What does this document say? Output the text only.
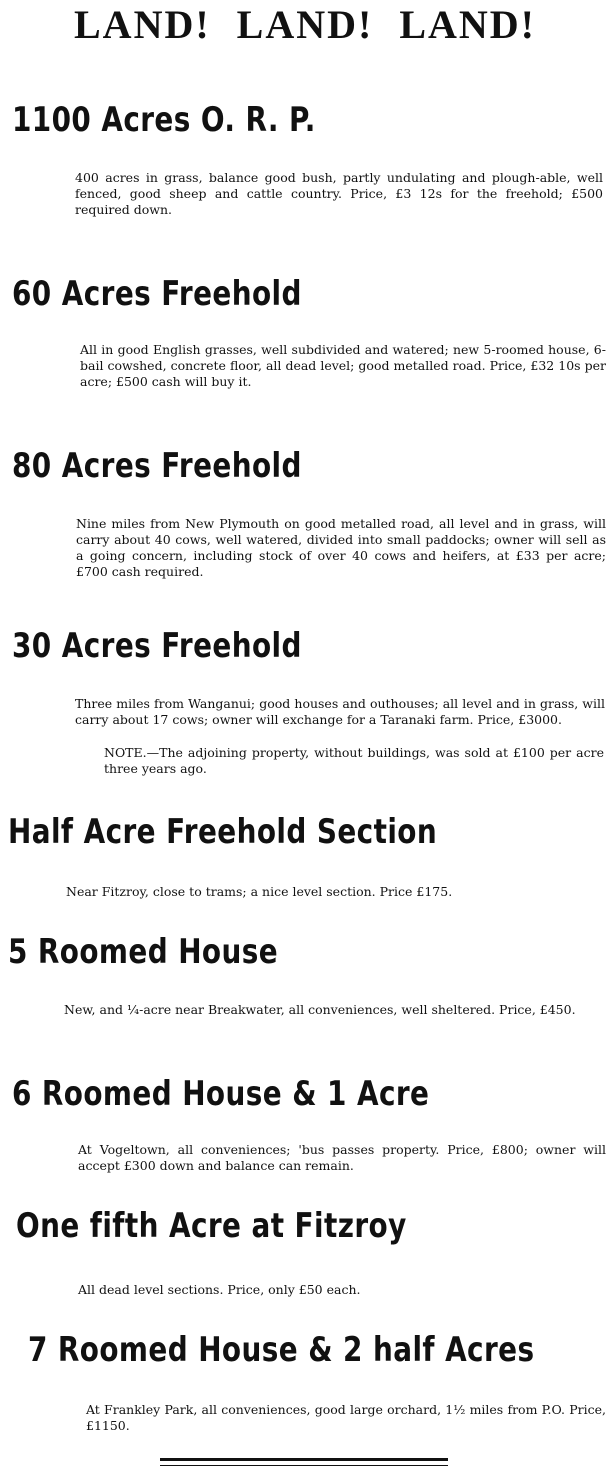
LAND! LAND! LAND!
1100 Acres O. R. P.
400 acres in grass, balance good bush, partly undulating and plough-able, well fenced, good sheep and cattle country. Price, £3 12s for the freehold; £500 required down.
60 Acres Freehold
All in good English grasses, well subdivided and watered; new 5-roomed house, 6-bail cowshed, concrete floor, all dead level; good metalled road. Price, £32 10s per acre; £500 cash will buy it.
80 Acres Freehold
Nine miles from New Plymouth on good metalled road, all level and in grass, will carry about 40 cows, well watered, divided into small paddocks; owner will sell as a going concern, including stock of over 40 cows and heifers, at £33 per acre; £700 cash required.
30 Acres Freehold
Three miles from Wanganui; good houses and outhouses; all level and in grass, will carry about 17 cows; owner will exchange for a Taranaki farm. Price, £3000.
NOTE.—The adjoining property, without buildings, was sold at £100 per acre three years ago.
Half Acre Freehold Section
Near Fitzroy, close to trams; a nice level section. Price £175.
5 Roomed House
New, and ¼-acre near Breakwater, all conveniences, well sheltered. Price, £450.
6 Roomed House & 1 Acre
At Vogeltown, all conveniences; 'bus passes property. Price, £800; owner will accept £300 down and balance can remain.
One fifth Acre at Fitzroy
All dead level sections. Price, only £50 each.
7 Roomed House & 2 half Acres
At Frankley Park, all conveniences, good large orchard, 1½ miles from P.O. Price, £1150.
